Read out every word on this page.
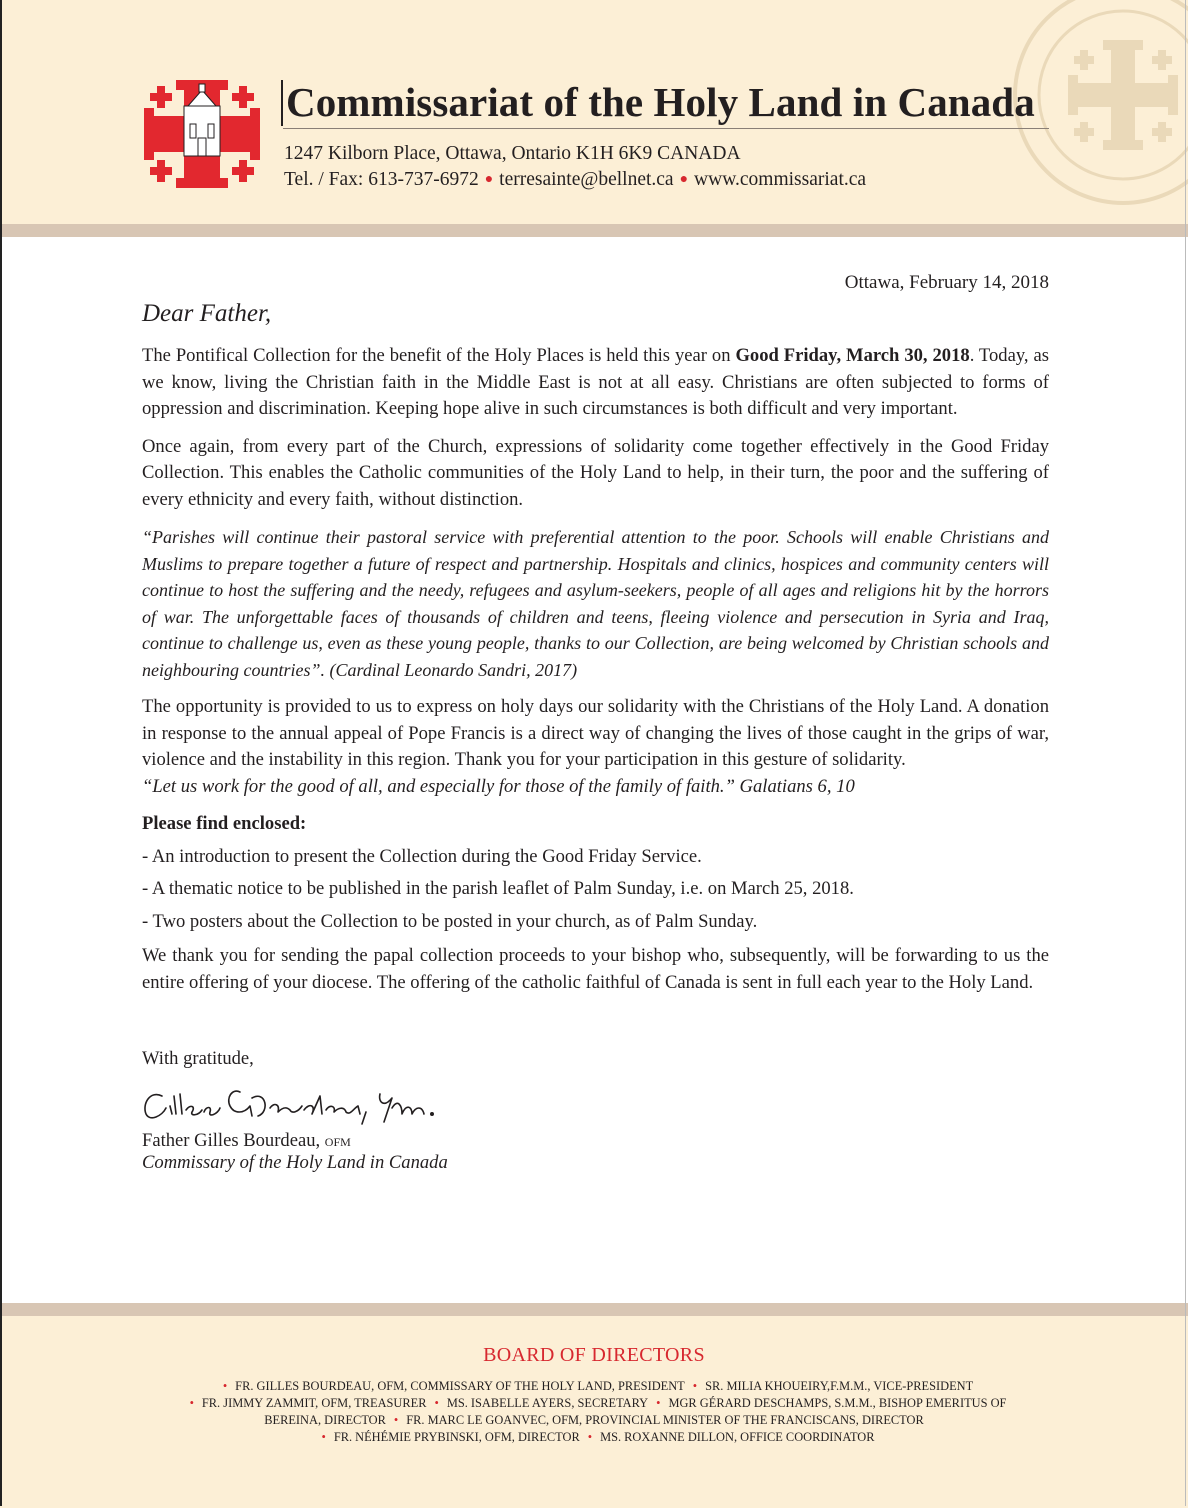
Commissariat of the Holy Land in Canada
1247 Kilborn Place, Ottawa, Ontario K1H 6K9 CANADA
Tel. / Fax: 613-737-6972 ● terresainte@bellnet.ca ● www.commissariat.ca
Ottawa, February 14, 2018
Dear Father,

The Pontifical Collection for the benefit of the Holy Places is held this year on Good Friday, March 30, 2018. Today, as we know, living the Christian faith in the Middle East is not at all easy. Christians are often subjected to forms of oppression and discrimination. Keeping hope alive in such circumstances is both difficult and very important.

Once again, from every part of the Church, expressions of solidarity come together effectively in the Good Friday Collection. This enables the Catholic communities of the Holy Land to help, in their turn, the poor and the suffering of every ethnicity and every faith, without distinction.

“Parishes will continue their pastoral service with preferential attention to the poor. Schools will enable Christians and Muslims to prepare together a future of respect and partnership. Hospitals and clinics, hospices and community centers will continue to host the suffering and the needy, refugees and asylum-seekers, people of all ages and religions hit by the horrors of war. The unforgettable faces of thousands of children and teens, fleeing violence and persecution in Syria and Iraq, continue to challenge us, even as these young people, thanks to our Collection, are being welcomed by Christian schools and neighbouring countries”. (Cardinal Leonardo Sandri, 2017)

The opportunity is provided to us to express on holy days our solidarity with the Christians of the Holy Land. A donation in response to the annual appeal of Pope Francis is a direct way of changing the lives of those caught in the grips of war, violence and the instability in this region. Thank you for your participation in this gesture of solidarity.
“Let us work for the good of all, and especially for those of the family of faith.” Galatians 6, 10

Please find enclosed:

- An introduction to present the Collection during the Good Friday Service.
- A thematic notice to be published in the parish leaflet of Palm Sunday, i.e. on March 25, 2018.
- Two posters about the Collection to be posted in your church, as of Palm Sunday.

We thank you for sending the papal collection proceeds to your bishop who, subsequently, will be forwarding to us the entire offering of your diocese. The offering of the catholic faithful of Canada is sent in full each year to the Holy Land.

With gratitude,
Father Gilles Bourdeau, ofm
Commissary of the Holy Land in Canada
BOARD OF DIRECTORS
• FR. GILLES BOURDEAU, OFM, COMMISSARY OF THE HOLY LAND, PRESIDENT • SR. MILIA KHOUEIRY,F.M.M., VICE-PRESIDENT
• FR. JIMMY ZAMMIT, OFM, TREASURER • MS. ISABELLE AYERS, SECRETARY • MGR GÉRARD DESCHAMPS, S.M.M., BISHOP EMERITUS OF
BEREINA, DIRECTOR • FR. MARC LE GOANVEC, OFM, PROVINCIAL MINISTER OF THE FRANCISCANS, DIRECTOR
• FR. NÉHÉMIE PRYBINSKI, OFM, DIRECTOR • MS. ROXANNE DILLON, OFFICE COORDINATOR
